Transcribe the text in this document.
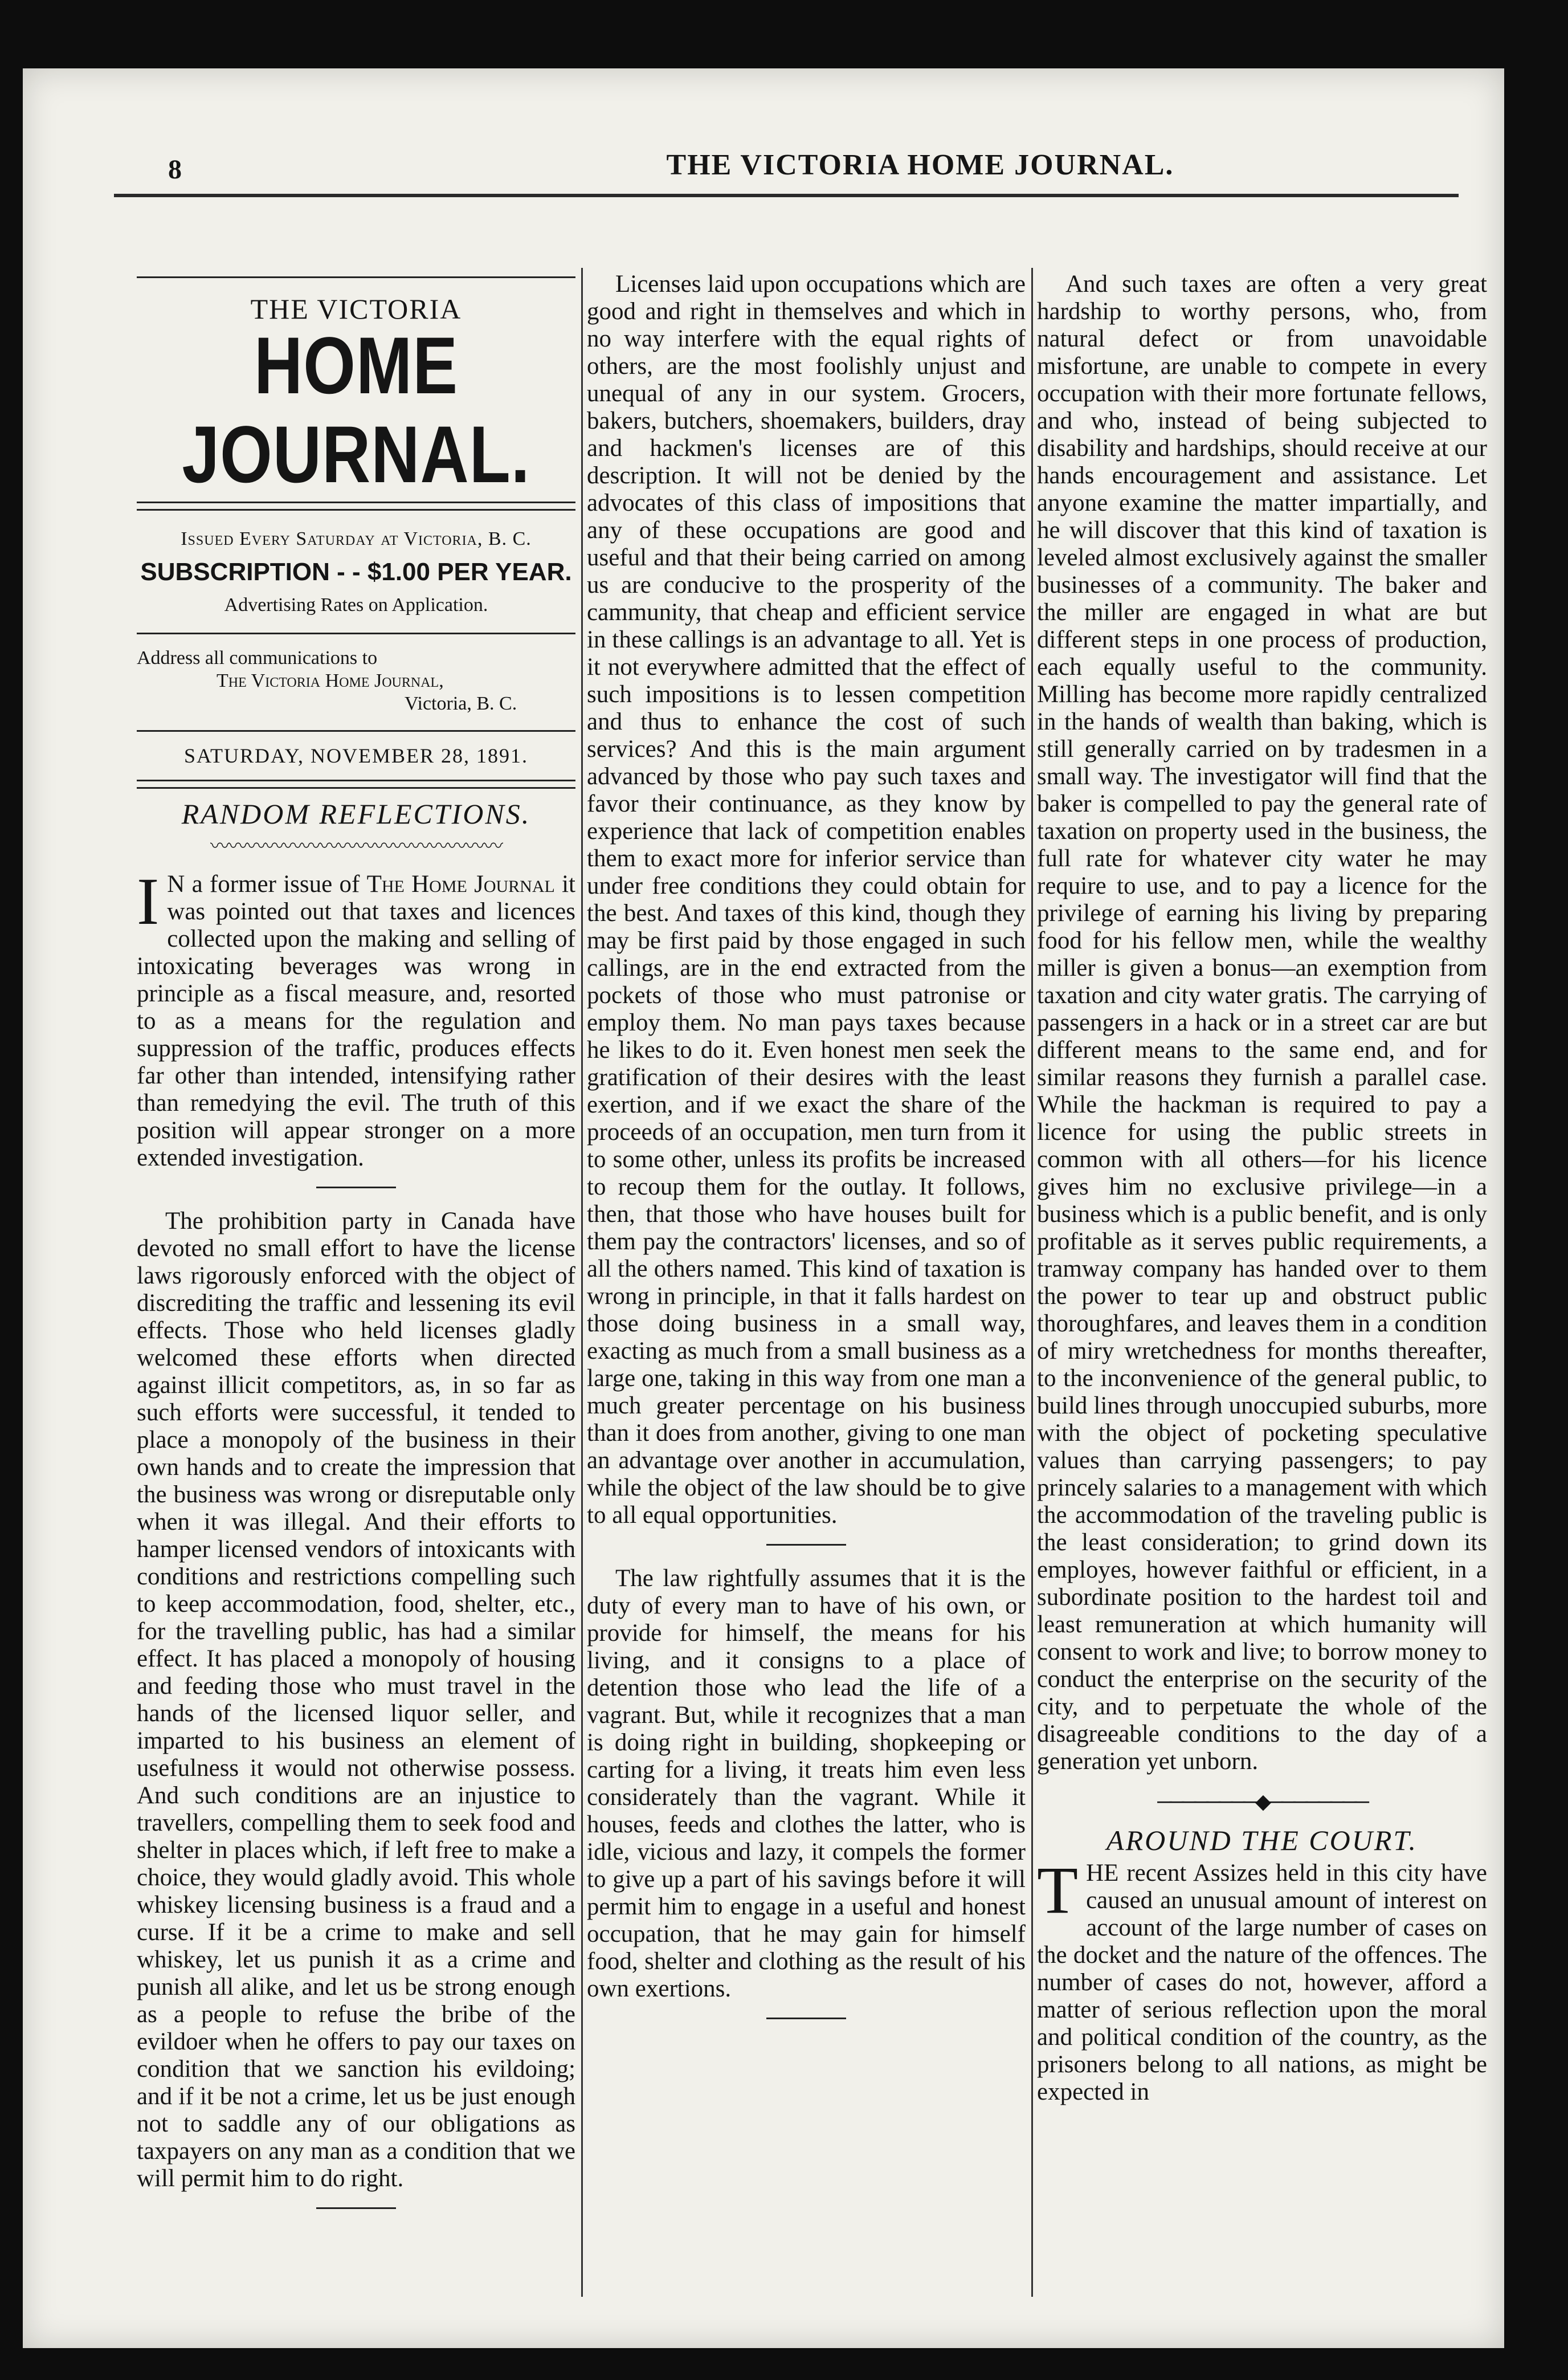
8	THE VICTORIA HOME JOURNAL.
THE VICTORIA
HOME JOURNAL.
Issued Every Saturday at Victoria, B. C.
SUBSCRIPTION - - $1.00 PER YEAR.
Advertising Rates on Application.
Address all communications to
The Victoria Home Journal,
Victoria, B. C.
SATURDAY, NOVEMBER 28, 1891.
RANDOM REFLECTIONS.
〰〰〰〰〰〰〰〰〰〰〰〰〰〰〰〰

I N a former issue of The Home Journal it was pointed out that taxes and licences collected upon the making and selling of intoxicating beverages was wrong in principle as a fiscal measure, and, resorted to as a means for the regulation and suppression of the traffic, produces effects far other than intended, intensifying rather than remedying the evil. The truth of this position will appear stronger on a more extended investigation.

The prohibition party in Canada have devoted no small effort to have the license laws rigorously enforced with the object of discrediting the traffic and lessening its evil effects. Those who held licenses gladly welcomed these efforts when directed against illicit competitors, as, in so far as such efforts were successful, it tended to place a monopoly of the business in their own hands and to create the impression that the business was wrong or disreputable only when it was illegal. And their efforts to hamper licensed vendors of intoxicants with conditions and restrictions compelling such to keep accommodation, food, shelter, etc., for the travelling public, has had a similar effect. It has placed a monopoly of housing and feeding those who must travel in the hands of the licensed liquor seller, and imparted to his business an element of usefulness it would not otherwise possess. And such conditions are an injustice to travellers, compelling them to seek food and shelter in places which, if left free to make a choice, they would gladly avoid. This whole whiskey licensing business is a fraud and a curse. If it be a crime to make and sell whiskey, let us punish it as a crime and punish all alike, and let us be strong enough as a people to refuse the bribe of the evildoer when he offers to pay our taxes on condition that we sanction his evildoing; and if it be not a crime, let us be just enough not to saddle any of our obligations as taxpayers on any man as a condition that we will permit him to do right.

Licenses laid upon occupations which are good and right in themselves and which in no way interfere with the equal rights of others, are the most foolishly unjust and unequal of any in our system. Grocers, bakers, butchers, shoemakers, builders, dray and hackmen's licenses are of this description. It will not be denied by the advocates of this class of impositions that any of these occupations are good and useful and that their being carried on among us are conducive to the prosperity of the cammunity, that cheap and efficient service in these callings is an advantage to all. Yet is it not everywhere admitted that the effect of such impositions is to lessen competition and thus to enhance the cost of such services? And this is the main argument advanced by those who pay such taxes and favor their continuance, as they know by experience that lack of competition enables them to exact more for inferior service than under free conditions they could obtain for the best. And taxes of this kind, though they may be first paid by those engaged in such callings, are in the end extracted from the pockets of those who must patronise or employ them. No man pays taxes because he likes to do it. Even honest men seek the gratification of their desires with the least exertion, and if we exact the share of the proceeds of an occupation, men turn from it to some other, unless its profits be increased to recoup them for the outlay. It follows, then, that those who have houses built for them pay the contractors' licenses, and so of all the others named. This kind of taxation is wrong in principle, in that it falls hardest on those doing business in a small way, exacting as much from a small business as a large one, taking in this way from one man a much greater percentage on his business than it does from another, giving to one man an advantage over another in accumulation, while the object of the law should be to give to all equal opportunities.

The law rightfully assumes that it is the duty of every man to have of his own, or provide for himself, the means for his living, and it consigns to a place of detention those who lead the life of a vagrant. But, while it recognizes that a man is doing right in building, shopkeeping or carting for a living, it treats him even less considerately than the vagrant. While it houses, feeds and clothes the latter, who is idle, vicious and lazy, it compels the former to give up a part of his savings before it will permit him to engage in a useful and honest occupation, that he may gain for himself food, shelter and clothing as the result of his own exertions.

And such taxes are often a very great hardship to worthy persons, who, from natural defect or from unavoidable misfortune, are unable to compete in every occupation with their more fortunate fellows, and who, instead of being subjected to disability and hardships, should receive at our hands encouragement and assistance. Let anyone examine the matter impartially, and he will discover that this kind of taxation is leveled almost exclusively against the smaller businesses of a community. The baker and the miller are engaged in what are but different steps in one process of production, each equally useful to the community. Milling has become more rapidly centralized in the hands of wealth than baking, which is still generally carried on by tradesmen in a small way. The investigator will find that the baker is compelled to pay the general rate of taxation on property used in the business, the full rate for whatever city water he may require to use, and to pay a licence for the privilege of earning his living by preparing food for his fellow men, while the wealthy miller is given a bonus—an exemption from taxation and city water gratis. The carrying of passengers in a hack or in a street car are but different means to the same end, and for similar reasons they furnish a parallel case. While the hackman is required to pay a licence for using the public streets in common with all others—for his licence gives him no exclusive privilege—in a business which is a public benefit, and is only profitable as it serves public requirements, a tramway company has handed over to them the power to tear up and obstruct public thoroughfares, and leaves them in a condition of miry wretchedness for months thereafter, to the inconvenience of the general public, to build lines through unoccupied suburbs, more with the object of pocketing speculative values than carrying passengers; to pay princely salaries to a management with which the accommodation of the traveling public is the least consideration; to grind down its employes, however faithful or efficient, in a subordinate position to the hardest toil and least remuneration at which humanity will consent to work and live; to borrow money to conduct the enterprise on the security of the city, and to perpetuate the whole of the disagreeable conditions to the day of a generation yet unborn.

────────◆────────
AROUND THE COURT.

THE recent Assizes held in this city have caused an unusual amount of interest on account of the large number of cases on the docket and the nature of the offences. The number of cases do not, however, afford a matter of serious reflection upon the moral and political condition of the country, as the prisoners belong to all nations, as might be expected in
